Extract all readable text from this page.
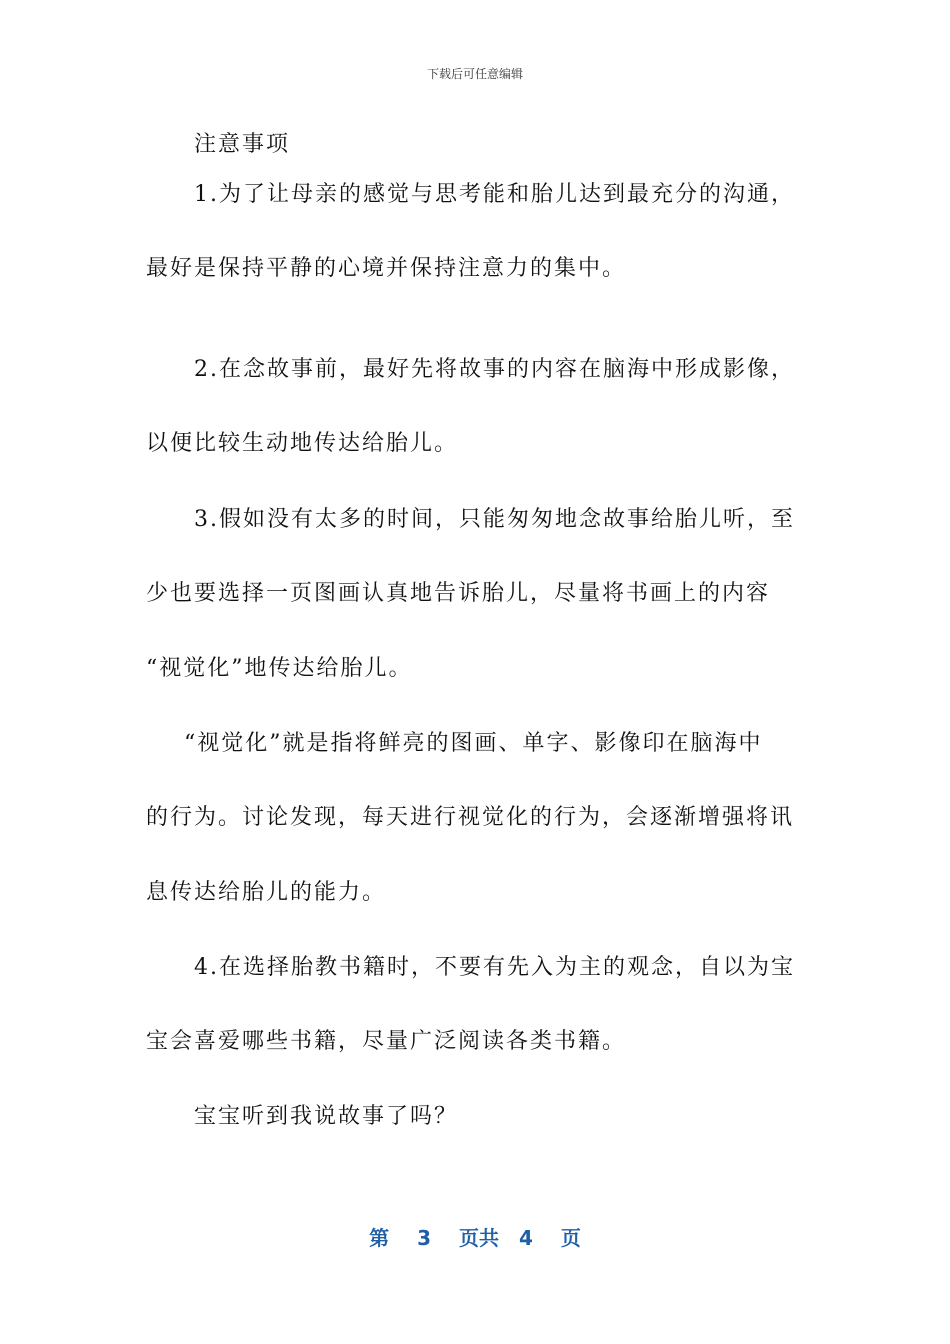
下载后可任意编辑
注意事项
1.为了让母亲的感觉与思考能和胎儿达到最充分的沟通，
最好是保持平静的心境并保持注意力的集中。
2.在念故事前，最好先将故事的内容在脑海中形成影像，
以便比较生动地传达给胎儿。
3.假如没有太多的时间，只能匆匆地念故事给胎儿听，至
少也要选择一页图画认真地告诉胎儿，尽量将书画上的内容
“视觉化”地传达给胎儿。
“视觉化”就是指将鲜亮的图画、单字、影像印在脑海中
的行为。讨论发现，每天进行视觉化的行为，会逐渐增强将讯
息传达给胎儿的能力。
4.在选择胎教书籍时，不要有先入为主的观念，自以为宝
宝会喜爱哪些书籍，尽量广泛阅读各类书籍。
宝宝听到我说故事了吗？
第 3 页共 4 页
